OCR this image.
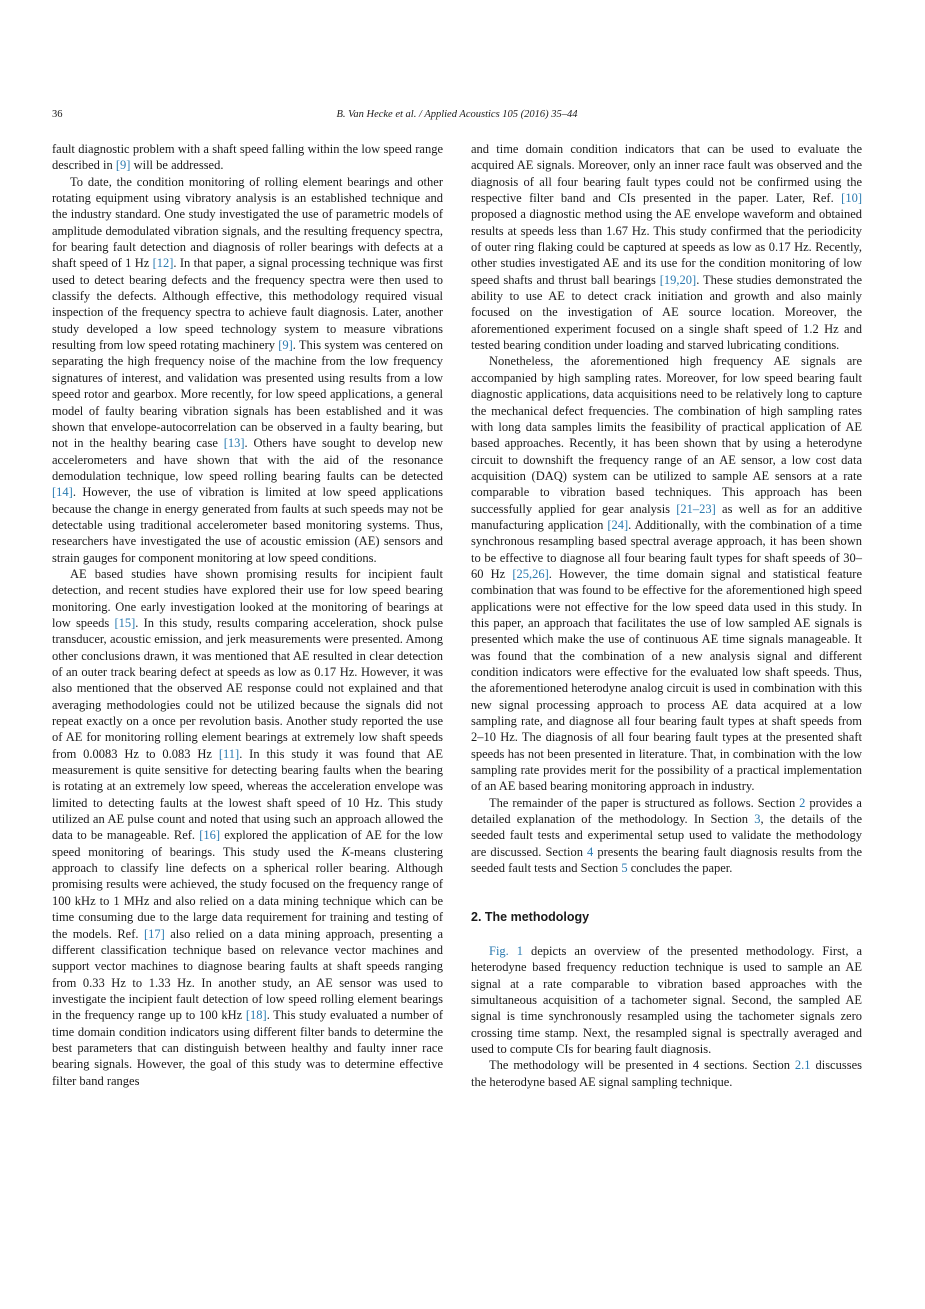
36	B. Van Hecke et al. / Applied Acoustics 105 (2016) 35–44

fault diagnostic problem with a shaft speed falling within the low speed range described in [9] will be addressed.

To date, the condition monitoring of rolling element bearings and other rotating equipment using vibratory analysis is an established technique and the industry standard. One study investigated the use of parametric models of amplitude demodulated vibration signals, and the resulting frequency spectra, for bearing fault detection and diagnosis of roller bearings with defects at a shaft speed of 1 Hz [12]. In that paper, a signal processing technique was first used to detect bearing defects and the frequency spectra were then used to classify the defects. Although effective, this methodology required visual inspection of the frequency spectra to achieve fault diagnosis. Later, another study developed a low speed technology system to measure vibrations resulting from low speed rotating machinery [9]. This system was centered on separating the high frequency noise of the machine from the low frequency signatures of interest, and validation was presented using results from a low speed rotor and gearbox. More recently, for low speed applications, a general model of faulty bearing vibration signals has been established and it was shown that envelope-autocorrelation can be observed in a faulty bearing, but not in the healthy bearing case [13]. Others have sought to develop new accelerometers and have shown that with the aid of the resonance demodulation technique, low speed rolling bearing faults can be detected [14]. However, the use of vibration is limited at low speed applications because the change in energy generated from faults at such speeds may not be detectable using traditional accelerometer based monitoring systems. Thus, researchers have investigated the use of acoustic emission (AE) sensors and strain gauges for component monitoring at low speed conditions.

AE based studies have shown promising results for incipient fault detection, and recent studies have explored their use for low speed bearing monitoring. One early investigation looked at the monitoring of bearings at low speeds [15]. In this study, results comparing acceleration, shock pulse transducer, acoustic emission, and jerk measurements were presented. Among other conclusions drawn, it was mentioned that AE resulted in clear detection of an outer track bearing defect at speeds as low as 0.17 Hz. However, it was also mentioned that the observed AE response could not explained and that averaging methodologies could not be utilized because the signals did not repeat exactly on a once per revolution basis. Another study reported the use of AE for monitoring rolling element bearings at extremely low shaft speeds from 0.0083 Hz to 0.083 Hz [11]. In this study it was found that AE measurement is quite sensitive for detecting bearing faults when the bearing is rotating at an extremely low speed, whereas the acceleration envelope was limited to detecting faults at the lowest shaft speed of 10 Hz. This study utilized an AE pulse count and noted that using such an approach allowed the data to be manageable. Ref. [16] explored the application of AE for the low speed monitoring of bearings. This study used the K-means clustering approach to classify line defects on a spherical roller bearing. Although promising results were achieved, the study focused on the frequency range of 100 kHz to 1 MHz and also relied on a data mining technique which can be time consuming due to the large data requirement for training and testing of the models. Ref. [17] also relied on a data mining approach, presenting a different classification technique based on relevance vector machines and support vector machines to diagnose bearing faults at shaft speeds ranging from 0.33 Hz to 1.33 Hz. In another study, an AE sensor was used to investigate the incipient fault detection of low speed rolling element bearings in the frequency range up to 100 kHz [18]. This study evaluated a number of time domain condition indicators using different filter bands to determine the best parameters that can distinguish between healthy and faulty inner race bearing signals. However, the goal of this study was to determine effective filter band ranges

and time domain condition indicators that can be used to evaluate the acquired AE signals. Moreover, only an inner race fault was observed and the diagnosis of all four bearing fault types could not be confirmed using the respective filter band and CIs presented in the paper. Later, Ref. [10] proposed a diagnostic method using the AE envelope waveform and obtained results at speeds less than 1.67 Hz. This study confirmed that the periodicity of outer ring flaking could be captured at speeds as low as 0.17 Hz. Recently, other studies investigated AE and its use for the condition monitoring of low speed shafts and thrust ball bearings [19,20]. These studies demonstrated the ability to use AE to detect crack initiation and growth and also mainly focused on the investigation of AE source location. Moreover, the aforementioned experiment focused on a single shaft speed of 1.2 Hz and tested bearing condition under loading and starved lubricating conditions.

Nonetheless, the aforementioned high frequency AE signals are accompanied by high sampling rates. Moreover, for low speed bearing fault diagnostic applications, data acquisitions need to be relatively long to capture the mechanical defect frequencies. The combination of high sampling rates with long data samples limits the feasibility of practical application of AE based approaches. Recently, it has been shown that by using a heterodyne circuit to downshift the frequency range of an AE sensor, a low cost data acquisition (DAQ) system can be utilized to sample AE sensors at a rate comparable to vibration based techniques. This approach has been successfully applied for gear analysis [21–23] as well as for an additive manufacturing application [24]. Additionally, with the combination of a time synchronous resampling based spectral average approach, it has been shown to be effective to diagnose all four bearing fault types for shaft speeds of 30–60 Hz [25,26]. However, the time domain signal and statistical feature combination that was found to be effective for the aforementioned high speed applications were not effective for the low speed data used in this study. In this paper, an approach that facilitates the use of low sampled AE signals is presented which make the use of continuous AE time signals manageable. It was found that the combination of a new analysis signal and different condition indicators were effective for the evaluated low shaft speeds. Thus, the aforementioned heterodyne analog circuit is used in combination with this new signal processing approach to process AE data acquired at a low sampling rate, and diagnose all four bearing fault types at shaft speeds from 2–10 Hz. The diagnosis of all four bearing fault types at the presented shaft speeds has not been presented in literature. That, in combination with the low sampling rate provides merit for the possibility of a practical implementation of an AE based bearing monitoring approach in industry.

The remainder of the paper is structured as follows. Section 2 provides a detailed explanation of the methodology. In Section 3, the details of the seeded fault tests and experimental setup used to validate the methodology are discussed. Section 4 presents the bearing fault diagnosis results from the seeded fault tests and Section 5 concludes the paper.

2. The methodology

Fig. 1 depicts an overview of the presented methodology. First, a heterodyne based frequency reduction technique is used to sample an AE signal at a rate comparable to vibration based approaches with the simultaneous acquisition of a tachometer signal. Second, the sampled AE signal is time synchronously resampled using the tachometer signals zero crossing time stamp. Next, the resampled signal is spectrally averaged and used to compute CIs for bearing fault diagnosis.

The methodology will be presented in 4 sections. Section 2.1 discusses the heterodyne based AE signal sampling technique.
